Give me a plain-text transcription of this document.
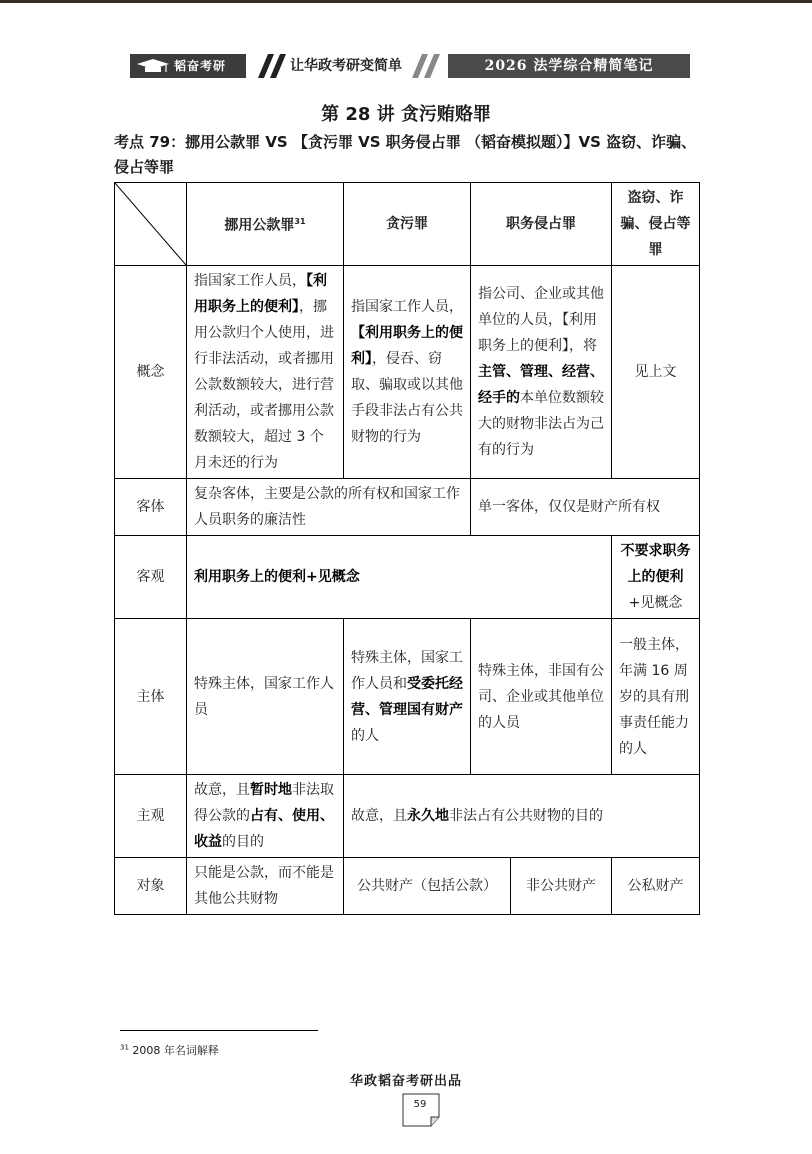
韬奋考研	让华政考研变简单	2026 法学综合精简笔记
第 28 讲 贪污贿赂罪
考点 79：挪用公款罪 VS 【贪污罪 VS 职务侵占罪 （韬奋模拟题）】VS 盗窃、诈骗、侵占等罪
	挪用公款罪$^{31}$	贪污罪	职务侵占罪		盗窃、诈骗、侵占等罪
概念	指国家工作人员，【利用职务上的便利】，挪用公款归个人使用，进行非法活动，或者挪用公款数额较大，进行营利活动，或者挪用公款数额较大，超过 3 个月未还的行为	指国家工作人员，【利用职务上的便利】，侵吞、窃取、骗取或以其他手段非法占有公共财物的行为	指公司、企业或其他单位的人员，【利用职务上的便利】，将主管、管理、经营、经手的本单位数额较大的财物非法占为己有的行为		见上文
客体	复杂客体，主要是公款的所有权和国家工作人员职务的廉洁性		单一客体，仅仅是财产所有权		
客观	利用职务上的便利+见概念				不要求职务上的便利+见概念
主体	特殊主体，国家工作人员	特殊主体，国家工作人员和受委托经营、管理国有财产的人	特殊主体，非国有公司、企业或其他单位的人员		一般主体，年满 16 周岁的具有刑事责任能力的人
主观	故意，且暂时地非法取得公款的占有、使用、收益的目的	故意，且永久地非法占有公共财物的目的			
对象	只能是公款，而不能是其他公共财物	公共财产（包括公款）		非公共财产	公私财产
$^{31}$ 2008 年名词解释
华政韬奋考研出品
59
